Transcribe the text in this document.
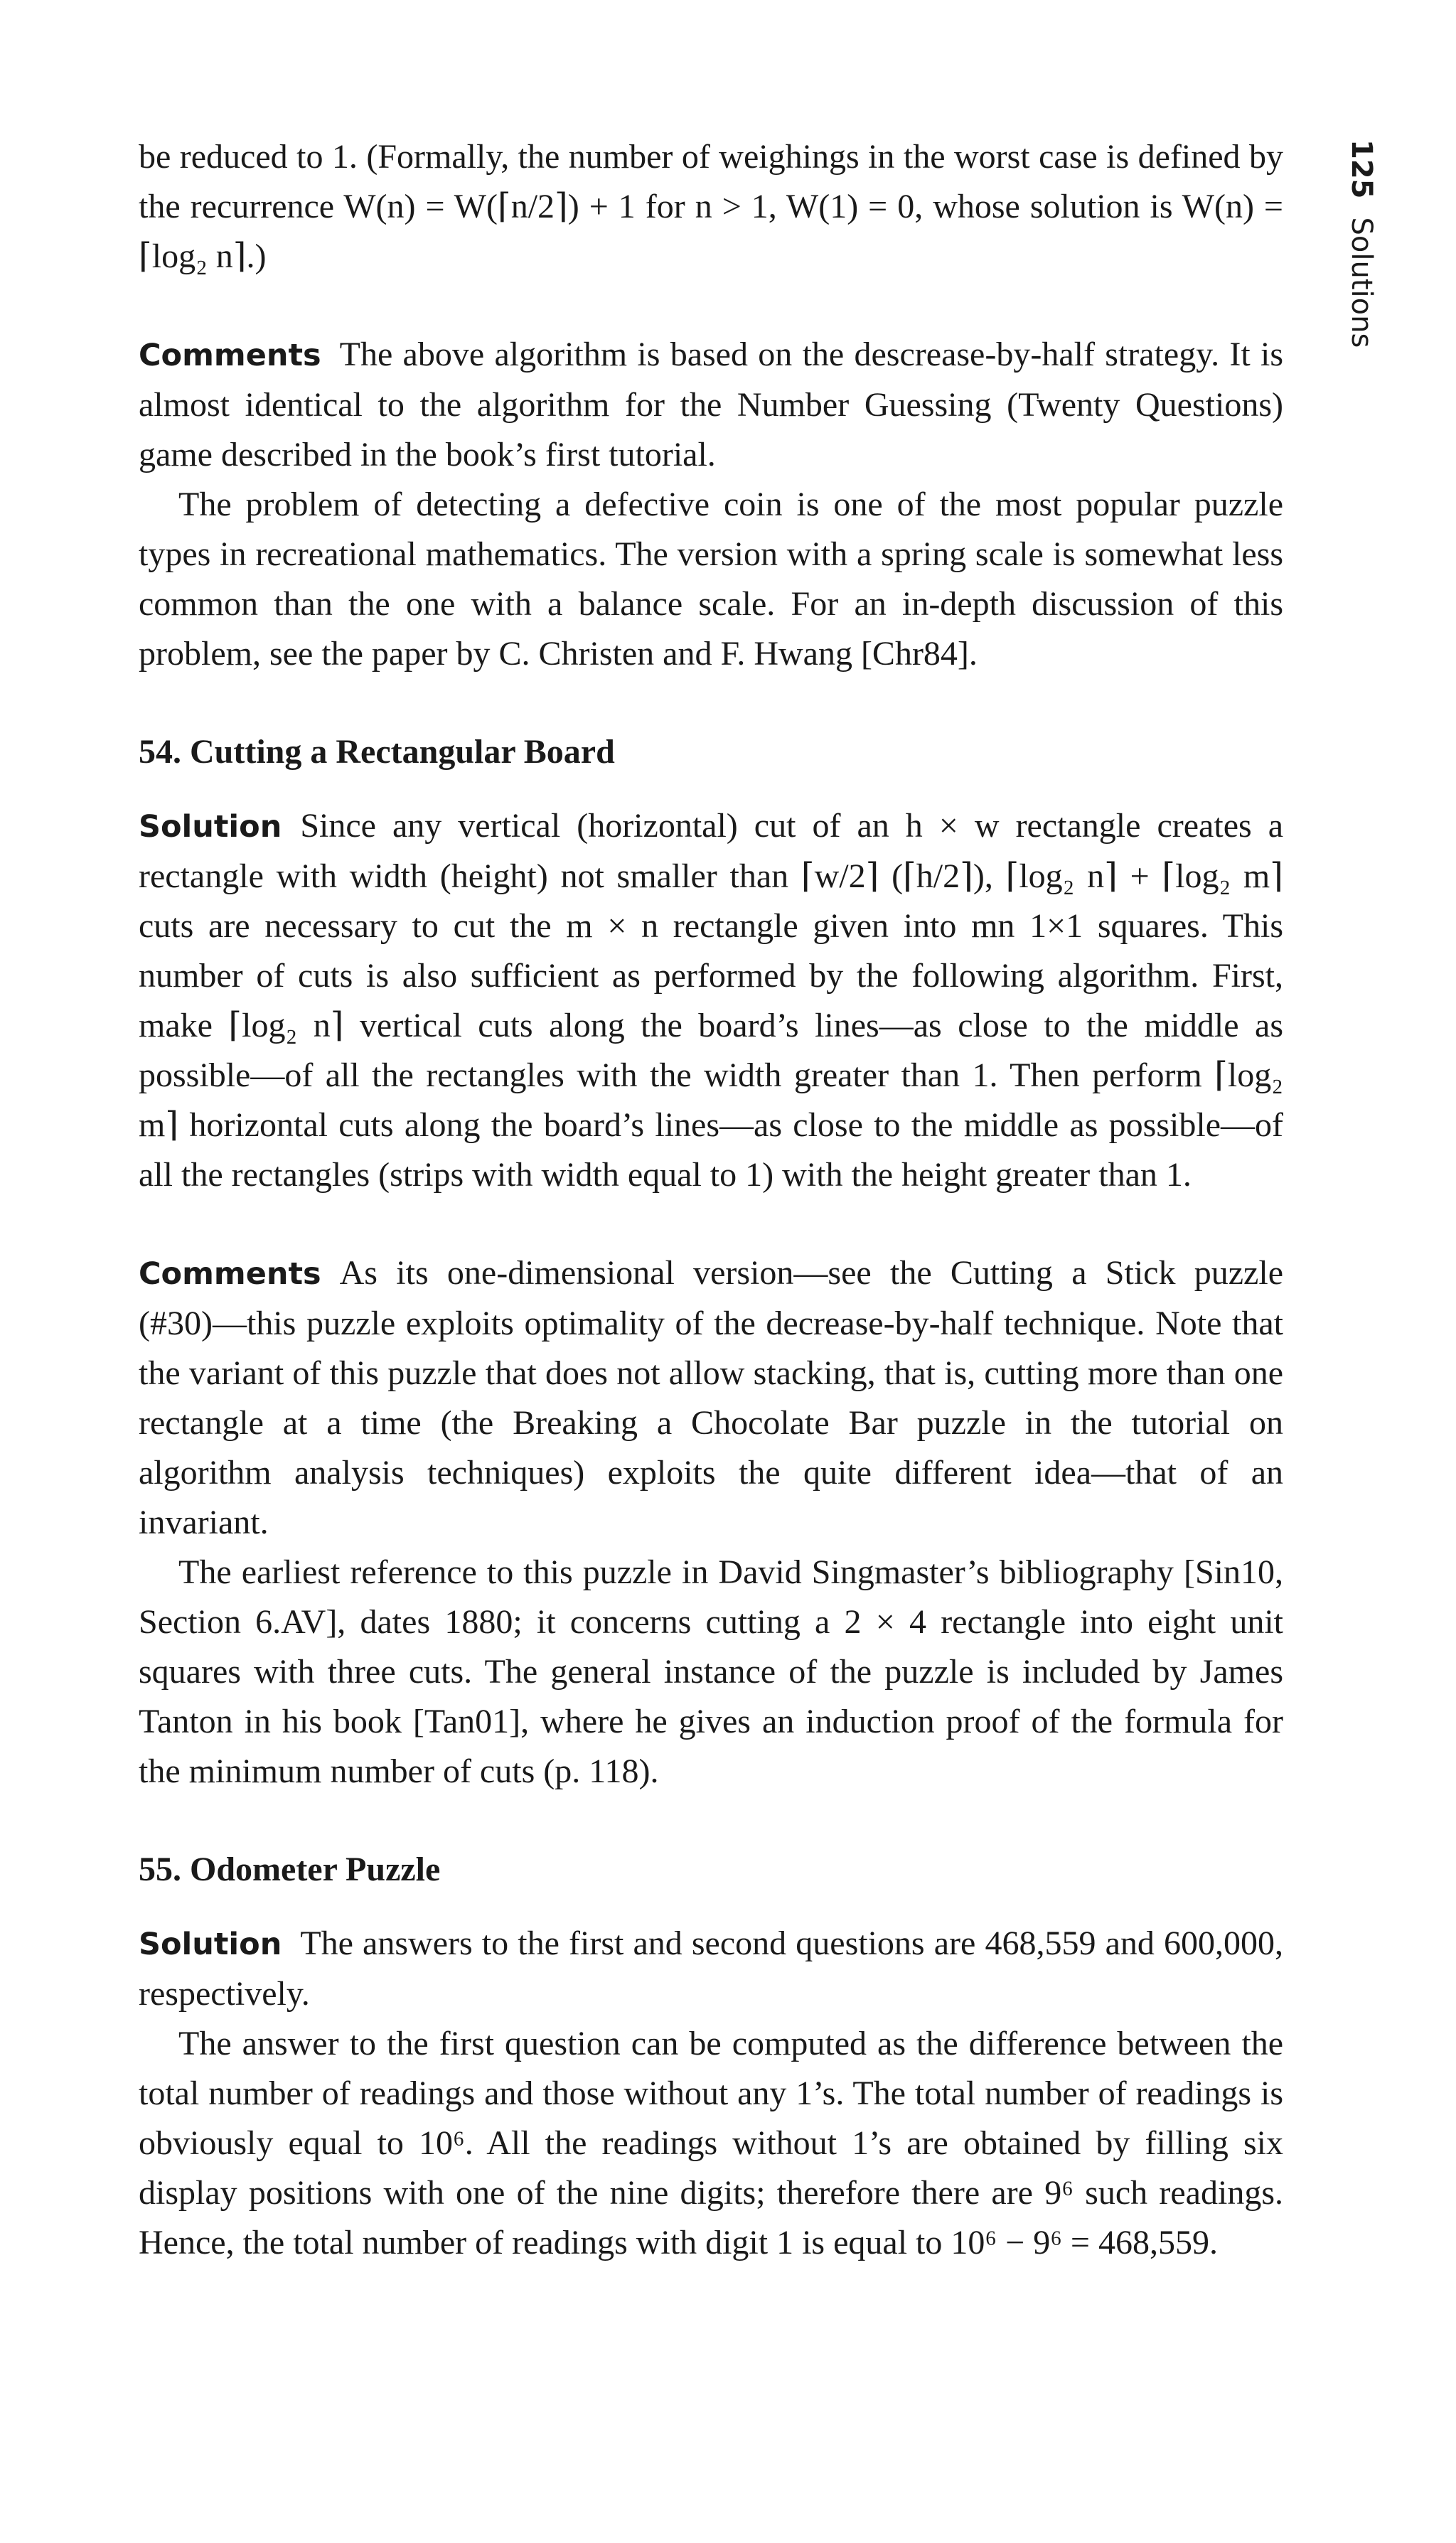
125Solutions

be reduced to 1. (Formally, the number of weighings in the worst case is defined by the recurrence W(n) = W(⌈n/2⌉) + 1 for n > 1, W(1) = 0, whose solution is W(n) = ⌈log₂ n⌉.)

Comments The above algorithm is based on the descrease-by-half strategy. It is almost identical to the algorithm for the Number Guessing (Twenty Questions) game described in the book’s first tutorial.

The problem of detecting a defective coin is one of the most popular puzzle types in recreational mathematics. The version with a spring scale is somewhat less common than the one with a balance scale. For an in-depth discussion of this problem, see the paper by C. Christen and F. Hwang [Chr84].

54. Cutting a Rectangular Board

Solution Since any vertical (horizontal) cut of an h × w rectangle creates a rectangle with width (height) not smaller than ⌈w/2⌉ (⌈h/2⌉), ⌈log₂ n⌉ + ⌈log₂ m⌉ cuts are necessary to cut the m × n rectangle given into mn 1×1 squares. This number of cuts is also sufficient as performed by the following algorithm. First, make ⌈log₂ n⌉ vertical cuts along the board’s lines—as close to the middle as possible—of all the rectangles with the width greater than 1. Then perform ⌈log₂ m⌉ horizontal cuts along the board’s lines—as close to the middle as possible—of all the rectangles (strips with width equal to 1) with the height greater than 1.

Comments As its one-dimensional version—see the Cutting a Stick puzzle (#30)—this puzzle exploits optimality of the decrease-by-half technique. Note that the variant of this puzzle that does not allow stacking, that is, cutting more than one rectangle at a time (the Breaking a Chocolate Bar puzzle in the tutorial on algorithm analysis techniques) exploits the quite different idea—that of an invariant.

The earliest reference to this puzzle in David Singmaster’s bibliography [Sin10, Section 6.AV], dates 1880; it concerns cutting a 2 × 4 rectangle into eight unit squares with three cuts. The general instance of the puzzle is included by James Tanton in his book [Tan01], where he gives an induction proof of the formula for the minimum number of cuts (p. 118).

55. Odometer Puzzle

Solution The answers to the first and second questions are 468,559 and 600,000, respectively.

The answer to the first question can be computed as the difference between the total number of readings and those without any 1’s. The total number of readings is obviously equal to 10⁶. All the readings without 1’s are obtained by filling six display positions with one of the nine digits; therefore there are 9⁶ such readings. Hence, the total number of readings with digit 1 is equal to 10⁶ − 9⁶ = 468,559.
